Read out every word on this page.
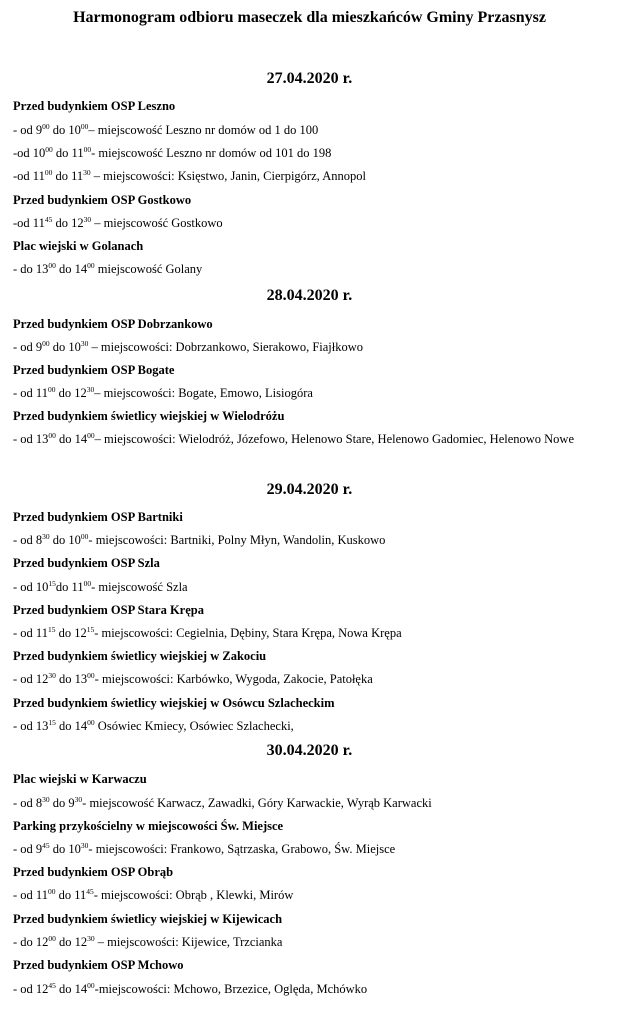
Harmonogram odbioru maseczek dla mieszkańców Gminy Przasnysz
27.04.2020 r.
Przed budynkiem OSP Leszno
- od $9^{00}$ do $10^{00}-$ miejscowość Leszno nr domów od 1 do 100
-od $10^{00}$ do $11^{00}-$ miejscowość Leszno nr domów od 101 do 198
-od $11^{00}$ do $11^{30}$ – miejscowości: Księstwo, Janin, Cierpigórz, Annopol
Przed budynkiem OSP Gostkowo
-od $11^{45}$ do $12^{30}$ – miejscowość Gostkowo
Plac wiejski w Golanach
- do $13^{00}$ do $14^{00}$ miejscowość Golany
28.04.2020 r.
Przed budynkiem OSP Dobrzankowo
- od $9^{00}$ do $10^{30}$ – miejscowości: Dobrzankowo, Sierakowo, Fiajłkowo
Przed budynkiem OSP Bogate
- od $11^{00}$ do $12^{30}-$ miejscowości: Bogate, Emowo, Lisiogóra
Przed budynkiem świetlicy wiejskiej w Wielodróżu
- od $13^{00}$ do $14^{00}-$ miejscowości: Wielodróż, Józefowo, Helenowo Stare, Helenowo Gadomiec, Helenowo Nowe
29.04.2020 r.
Przed budynkiem OSP Bartniki
- od $8^{30}$ do $10^{00}-$ miejscowości: Bartniki, Polny Młyn, Wandolin, Kuskowo
Przed budynkiem OSP Szla
- od $10^{15}do$ $11^{00}-$ miejscowość Szla
Przed budynkiem OSP Stara Krępa
- od $11^{15}$ do $12^{15}-$ miejscowości: Cegielnia, Dębiny, Stara Krępa, Nowa Krępa
Przed budynkiem świetlicy wiejskiej w Zakociu
- od $12^{30}$ do $13^{00}-$ miejscowości: Karbówko, Wygoda, Zakocie, Patołęka
Przed budynkiem świetlicy wiejskiej w Osówcu Szlacheckim
- od $13^{15}$ do $14^{00}$ Osówiec Kmiecy, Osówiec Szlachecki,
30.04.2020 r.
Plac wiejski w Karwaczu
- od $8^{30}$ do $9^{30}-$ miejscowość Karwacz, Zawadki, Góry Karwackie, Wyrąb Karwacki
Parking przykościelny w miejscowości Św. Miejsce
- od $9^{45}$ do $10^{30}-$ miejscowości: Frankowo, Sątrzaska, Grabowo, Św. Miejsce
Przed budynkiem OSP Obrąb
- od $11^{00}$ do $11^{45}-$ miejscowości: Obrąb , Klewki, Mirów
Przed budynkiem świetlicy wiejskiej w Kijewicach
- do $12^{00}$ do $12^{30}$ – miejscowości: Kijewice, Trzcianka
Przed budynkiem OSP Mchowo
- od $12^{45}$ do $14^{00}$-miejscowości: Mchowo, Brzezice, Oględa, Mchówko
